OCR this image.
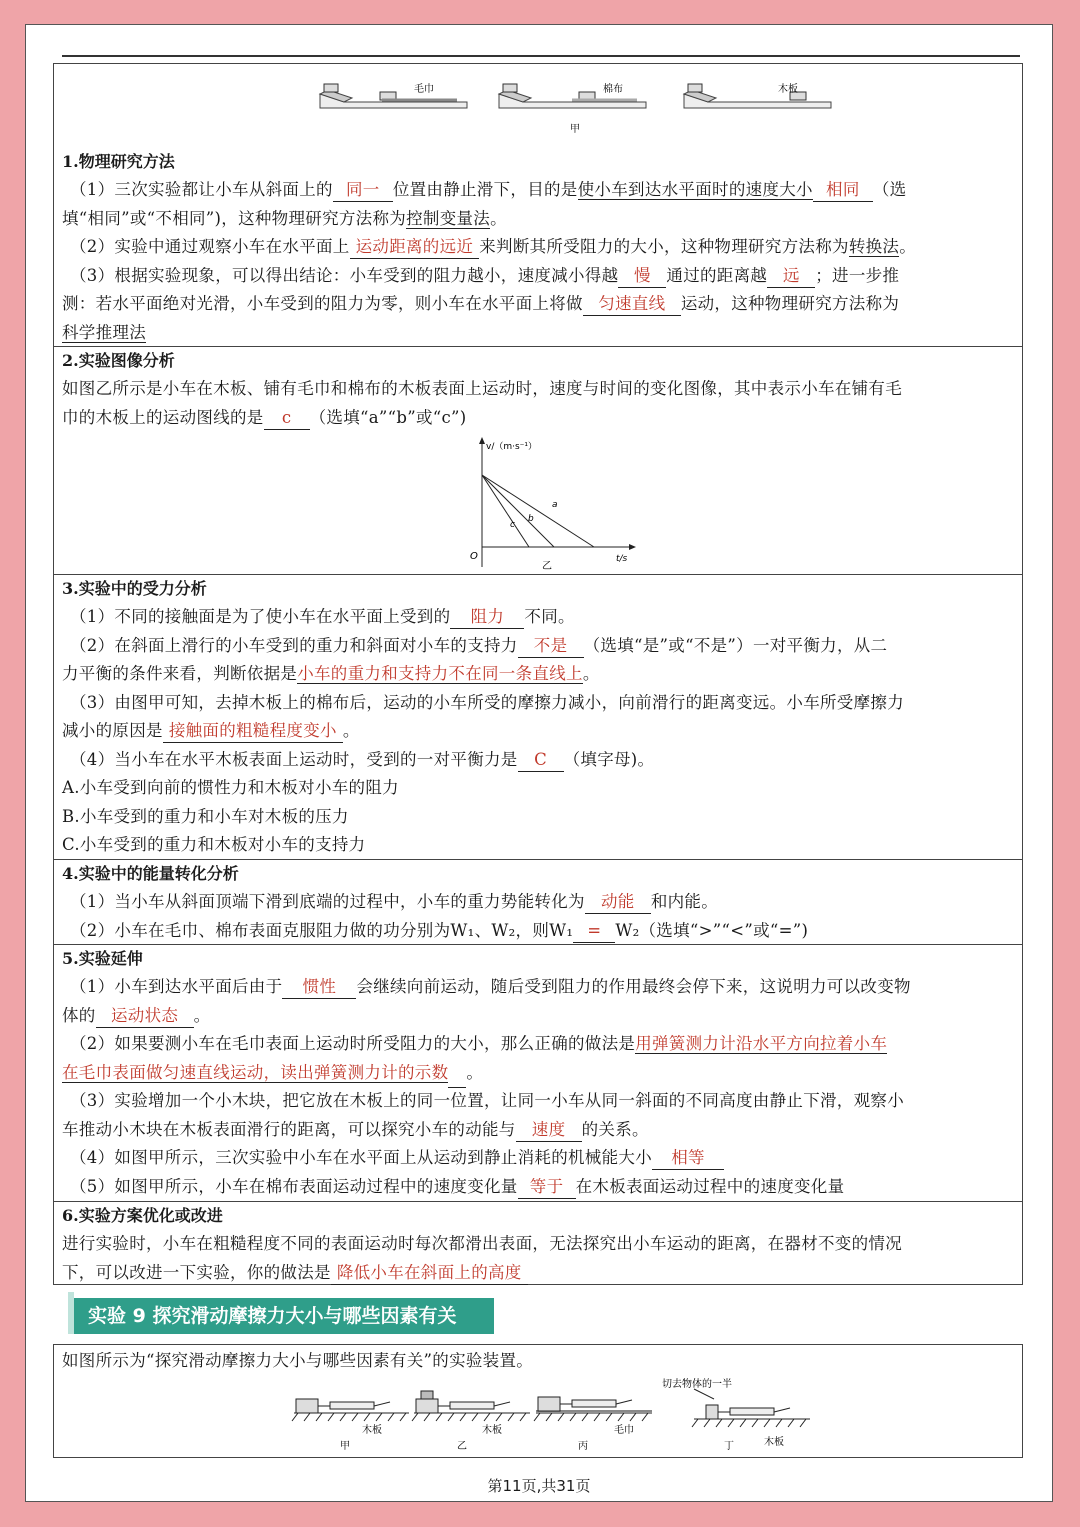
毛巾	棉布	木板
甲
1.物理研究方法
（1）三次实验都让小车从斜面上的 同一 位置由静止滑下，目的是使小车到达水平面时的速度大小 相同 （选
填“相同”或“不相同”)，这种物理研究方法称为控制变量法。
（2）实验中通过观察小车在水平面上 运动距离的远近 来判断其所受阻力的大小，这种物理研究方法称为转换法。
（3）根据实验现象，可以得出结论：小车受到的阻力越小，速度减小得越 慢 通过的距离越 远 ；进一步推
测：若水平面绝对光滑，小车受到的阻力为零，则小车在水平面上将做 匀速直线 运动，这种物理研究方法称为
科学推理法
2.实验图像分析
如图乙所示是小车在木板、铺有毛巾和棉布的木板表面上运动时，速度与时间的变化图像，其中表示小车在铺有毛
巾的木板上的运动图线的是 c （选填“a”“b”或“c”)
v/（m·s⁻¹）
t/s
O
a
b
c
乙
3.实验中的受力分析
（1）不同的接触面是为了使小车在水平面上受到的 阻力 不同。
（2）在斜面上滑行的小车受到的重力和斜面对小车的支持力 不是 （选填“是”或“不是”）一对平衡力，从二
力平衡的条件来看，判断依据是小车的重力和支持力不在同一条直线上。
（3）由图甲可知，去掉木板上的棉布后，运动的小车所受的摩擦力减小，向前滑行的距离变远。小车所受摩擦力
减小的原因是 接触面的粗糙程度变小 。
（4）当小车在水平木板表面上运动时，受到的一对平衡力是 C （填字母)。
A.小车受到向前的惯性力和木板对小车的阻力
B.小车受到的重力和小车对木板的压力
C.小车受到的重力和木板对小车的支持力
4.实验中的能量转化分析
（1）当小车从斜面顶端下滑到底端的过程中，小车的重力势能转化为 动能 和内能。
（2）小车在毛巾、棉布表面克服阻力做的功分别为W₁、W₂，则W₁ = W₂（选填“>”“<”或“=”)
5.实验延伸
（1）小车到达水平面后由于 惯性 会继续向前运动，随后受到阻力的作用最终会停下来，这说明力可以改变物
体的 运动状态 。
（2）如果要测小车在毛巾表面上运动时所受阻力的大小，那么正确的做法是用弹簧测力计沿水平方向拉着小车
在毛巾表面做匀速直线运动，读出弹簧测力计的示数 。
（3）实验增加一个小木块，把它放在木板上的同一位置，让同一小车从同一斜面的不同高度由静止下滑，观察小
车推动小木块在木板表面滑行的距离，可以探究小车的动能与 速度 的关系。
（4）如图甲所示，三次实验中小车在水平面上从运动到静止消耗的机械能大小 相等
（5）如图甲所示，小车在棉布表面运动过程中的速度变化量 等于 在木板表面运动过程中的速度变化量
6.实验方案优化或改进
进行实验时，小车在粗糙程度不同的表面运动时每次都滑出表面，无法探究出小车运动的距离，在器材不变的情况
下，可以改进一下实验，你的做法是 降低小车在斜面上的高度
实验 9 探究滑动摩擦力大小与哪些因素有关
如图所示为“探究滑动摩擦力大小与哪些因素有关”的实验装置。
木板
甲
木板
乙
毛巾
丙
切去物体的一半
木板
丁
第11页,共31页
